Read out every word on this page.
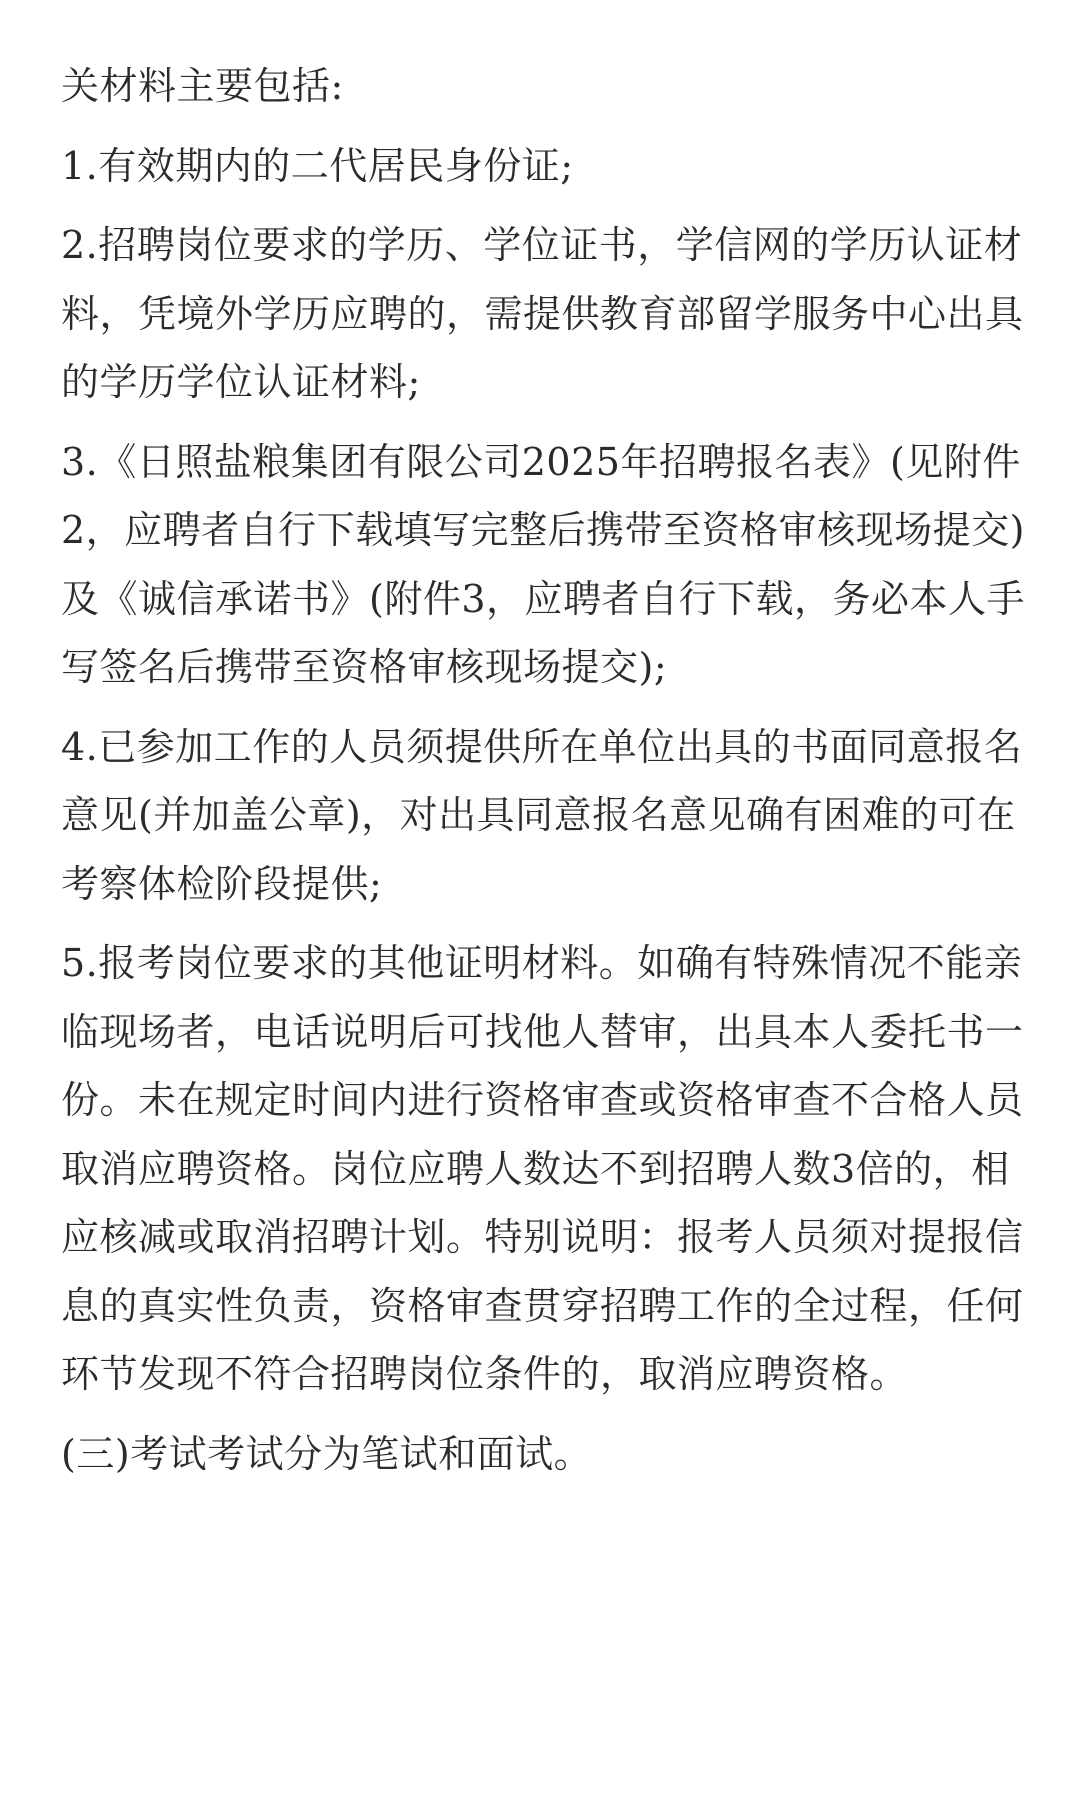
关材料主要包括:

1.有效期内的二代居民身份证;

2.招聘岗位要求的学历、学位证书，学信网的学历认证材料，凭境外学历应聘的，需提供教育部留学服务中心出具的学历学位认证材料;

3.《日照盐粮集团有限公司2025年招聘报名表》(见附件2，应聘者自行下载填写完整后携带至资格审核现场提交)及《诚信承诺书》(附件3，应聘者自行下载，务必本人手写签名后携带至资格审核现场提交);

4.已参加工作的人员须提供所在单位出具的书面同意报名意见(并加盖公章)，对出具同意报名意见确有困难的可在考察体检阶段提供;

5.报考岗位要求的其他证明材料。如确有特殊情况不能亲临现场者，电话说明后可找他人替审，出具本人委托书一份。未在规定时间内进行资格审查或资格审查不合格人员取消应聘资格。岗位应聘人数达不到招聘人数3倍的，相应核减或取消招聘计划。特别说明：报考人员须对提报信息的真实性负责，资格审查贯穿招聘工作的全过程，任何环节发现不符合招聘岗位条件的，取消应聘资格。

(三)考试考试分为笔试和面试。
